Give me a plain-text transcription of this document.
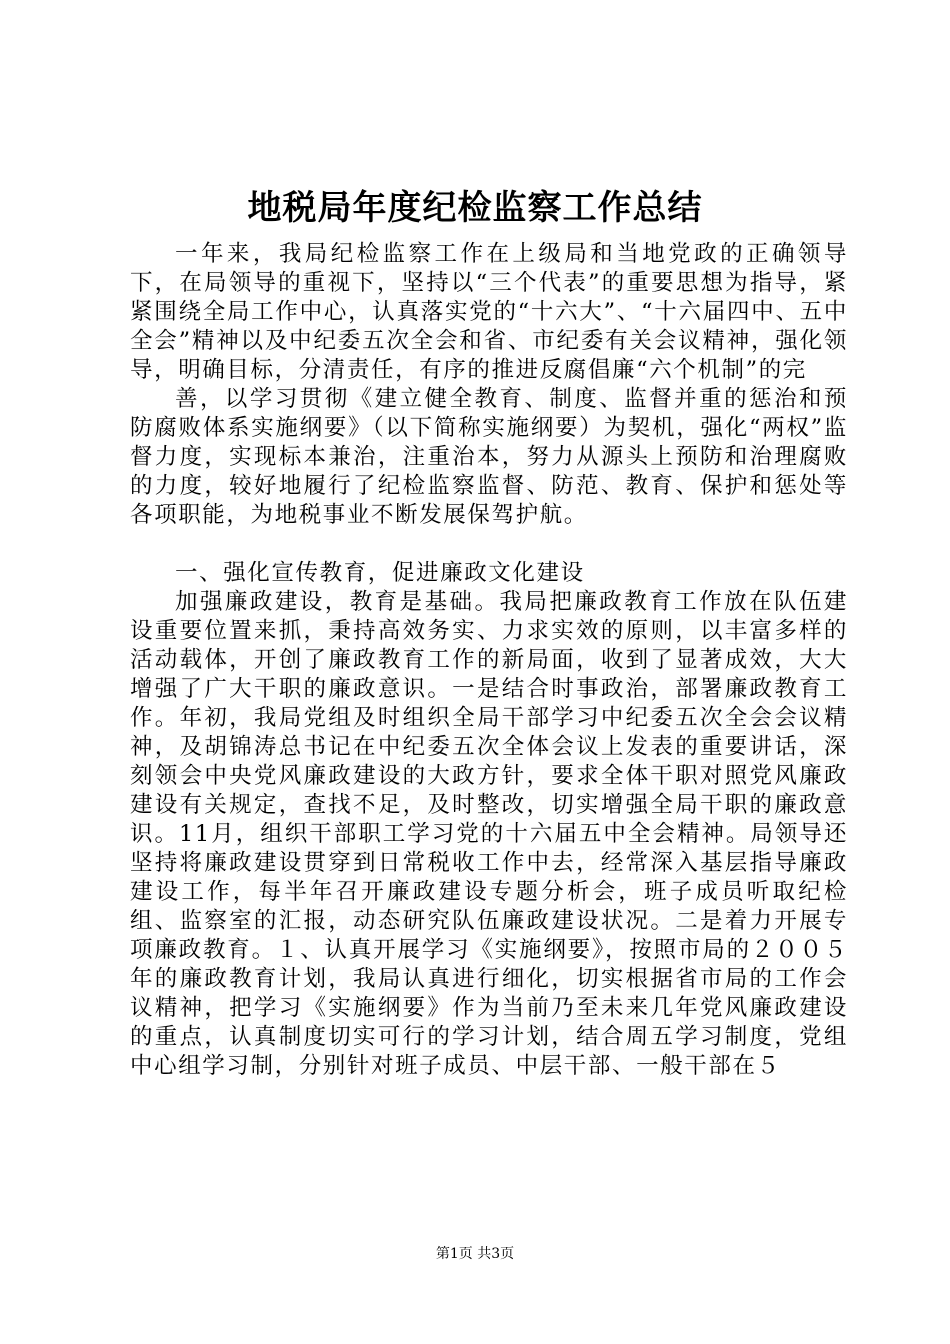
地税局年度纪检监察工作总结

一年来，我局纪检监察工作在上级局和当地党政的正确领导下，在局领导的重视下，坚持以“三个代表”的重要思想为指导，紧紧围绕全局工作中心，认真落实党的“十六大”、“十六届四中、五中全会”精神以及中纪委五次全会和省、市纪委有关会议精神，强化领导，明确目标，分清责任，有序的推进反腐倡廉“六个机制”的完

善，以学习贯彻《建立健全教育、制度、监督并重的惩治和预防腐败体系实施纲要》（以下简称实施纲要）为契机，强化“两权”监督力度，实现标本兼治，注重治本，努力从源头上预防和治理腐败的力度，较好地履行了纪检监察监督、防范、教育、保护和惩处等各项职能，为地税事业不断发展保驾护航。

一、强化宣传教育，促进廉政文化建设

加强廉政建设，教育是基础。我局把廉政教育工作放在队伍建设重要位置来抓，秉持高效务实、力求实效的原则，以丰富多样的活动载体，开创了廉政教育工作的新局面，收到了显著成效，大大增强了广大干职的廉政意识。一是结合时事政治，部署廉政教育工作。年初，我局党组及时组织全局干部学习中纪委五次全会会议精神，及胡锦涛总书记在中纪委五次全体会议上发表的重要讲话，深刻领会中央党风廉政建设的大政方针，要求全体干职对照党风廉政建设有关规定，查找不足，及时整改，切实增强全局干职的廉政意识。11月，组织干部职工学习党的十六届五中全会精神。局领导还坚持将廉政建设贯穿到日常税收工作中去，经常深入基层指导廉政建设工作，每半年召开廉政建设专题分析会，班子成员听取纪检组、监察室的汇报，动态研究队伍廉政建设状况。二是着力开展专项廉政教育。１、认真开展学习《实施纲要》，按照市局的２００５年的廉政教育计划，我局认真进行细化，切实根据省市局的工作会议精神，把学习《实施纲要》作为当前乃至未来几年党风廉政建设的重点，认真制度切实可行的学习计划，结合周五学习制度，党组中心组学习制，分别针对班子成员、中层干部、一般干部在５

第1页 共3页
